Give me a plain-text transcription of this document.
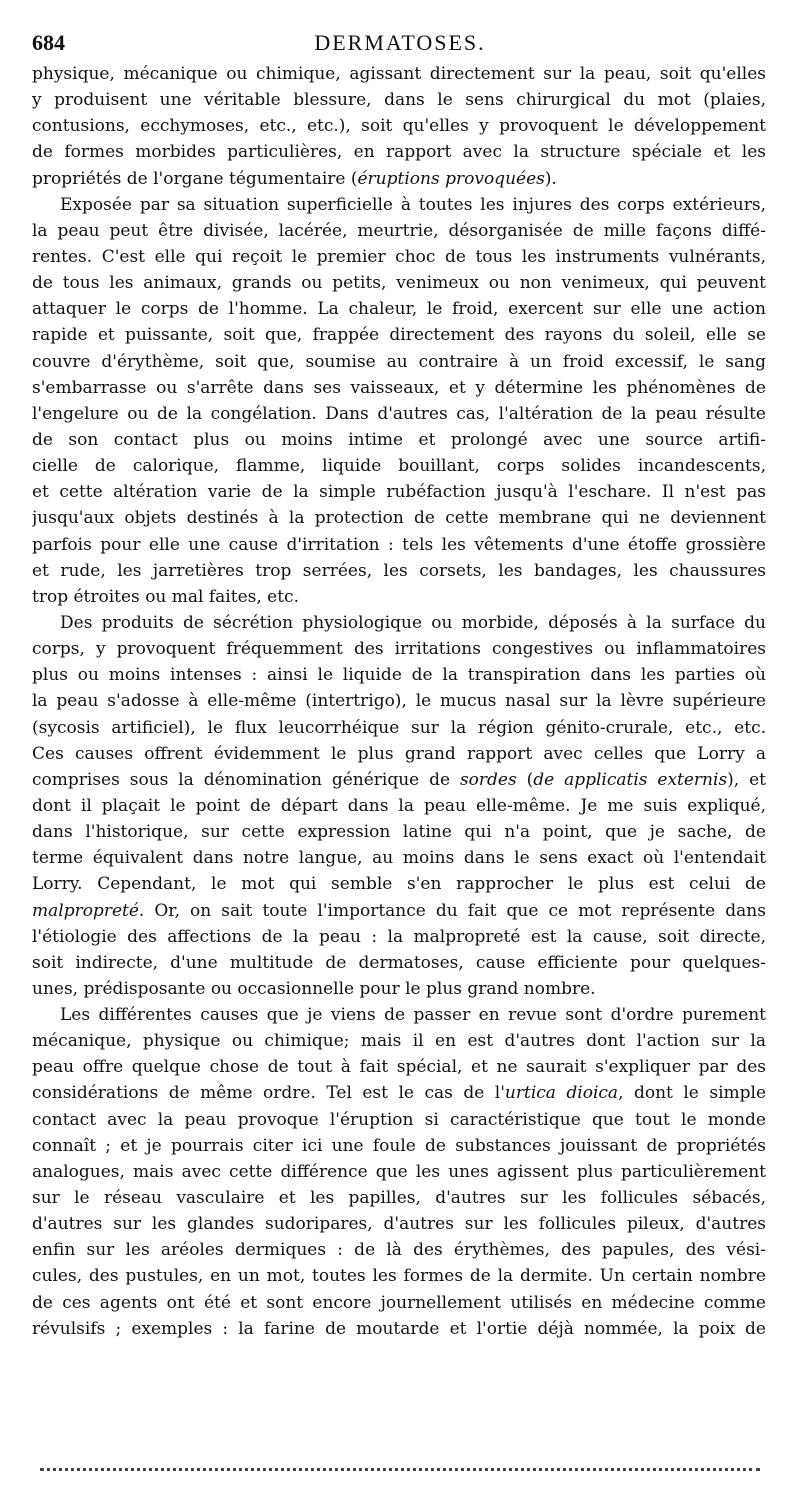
684	DERMATOSES.
physique, mécanique ou chimique, agissant directement sur la peau, soit qu'elles
y produisent une véritable blessure, dans le sens chirurgical du mot (plaies,
contusions, ecchymoses, etc., etc.), soit qu'elles y provoquent le développement
de formes morbides particulières, en rapport avec la structure spéciale et les
propriétés de l'organe tégumentaire (éruptions provoquées).
Exposée par sa situation superficielle à toutes les injures des corps extérieurs,
la peau peut être divisée, lacérée, meurtrie, désorganisée de mille façons diffé-
rentes. C'est elle qui reçoit le premier choc de tous les instruments vulnérants,
de tous les animaux, grands ou petits, venimeux ou non venimeux, qui peuvent
attaquer le corps de l'homme. La chaleur, le froid, exercent sur elle une action
rapide et puissante, soit que, frappée directement des rayons du soleil, elle se
couvre d'érythème, soit que, soumise au contraire à un froid excessif, le sang
s'embarrasse ou s'arrête dans ses vaisseaux, et y détermine les phénomènes de
l'engelure ou de la congélation. Dans d'autres cas, l'altération de la peau résulte
de son contact plus ou moins intime et prolongé avec une source artifi-
cielle de calorique, flamme, liquide bouillant, corps solides incandescents,
et cette altération varie de la simple rubéfaction jusqu'à l'eschare. Il n'est pas
jusqu'aux objets destinés à la protection de cette membrane qui ne deviennent
parfois pour elle une cause d'irritation : tels les vêtements d'une étoffe grossière
et rude, les jarretières trop serrées, les corsets, les bandages, les chaussures
trop étroites ou mal faites, etc.
Des produits de sécrétion physiologique ou morbide, déposés à la surface du
corps, y provoquent fréquemment des irritations congestives ou inflammatoires
plus ou moins intenses : ainsi le liquide de la transpiration dans les parties où
la peau s'adosse à elle-même (intertrigo), le mucus nasal sur la lèvre supérieure
(sycosis artificiel), le flux leucorrhéique sur la région génito-crurale, etc., etc.
Ces causes offrent évidemment le plus grand rapport avec celles que Lorry a
comprises sous la dénomination générique de sordes (de applicatis externis), et
dont il plaçait le point de départ dans la peau elle-même. Je me suis expliqué,
dans l'historique, sur cette expression latine qui n'a point, que je sache, de
terme équivalent dans notre langue, au moins dans le sens exact où l'entendait
Lorry. Cependant, le mot qui semble s'en rapprocher le plus est celui de
malpropreté. Or, on sait toute l'importance du fait que ce mot représente dans
l'étiologie des affections de la peau : la malpropreté est la cause, soit directe,
soit indirecte, d'une multitude de dermatoses, cause efficiente pour quelques-
unes, prédisposante ou occasionnelle pour le plus grand nombre.
Les différentes causes que je viens de passer en revue sont d'ordre purement
mécanique, physique ou chimique; mais il en est d'autres dont l'action sur la
peau offre quelque chose de tout à fait spécial, et ne saurait s'expliquer par des
considérations de même ordre. Tel est le cas de l'urtica dioica, dont le simple
contact avec la peau provoque l'éruption si caractéristique que tout le monde
connaît ; et je pourrais citer ici une foule de substances jouissant de propriétés
analogues, mais avec cette différence que les unes agissent plus particulièrement
sur le réseau vasculaire et les papilles, d'autres sur les follicules sébacés,
d'autres sur les glandes sudoripares, d'autres sur les follicules pileux, d'autres
enfin sur les aréoles dermiques : de là des érythèmes, des papules, des vési-
cules, des pustules, en un mot, toutes les formes de la dermite. Un certain nombre
de ces agents ont été et sont encore journellement utilisés en médecine comme
révulsifs ; exemples : la farine de moutarde et l'ortie déjà nommée, la poix de
